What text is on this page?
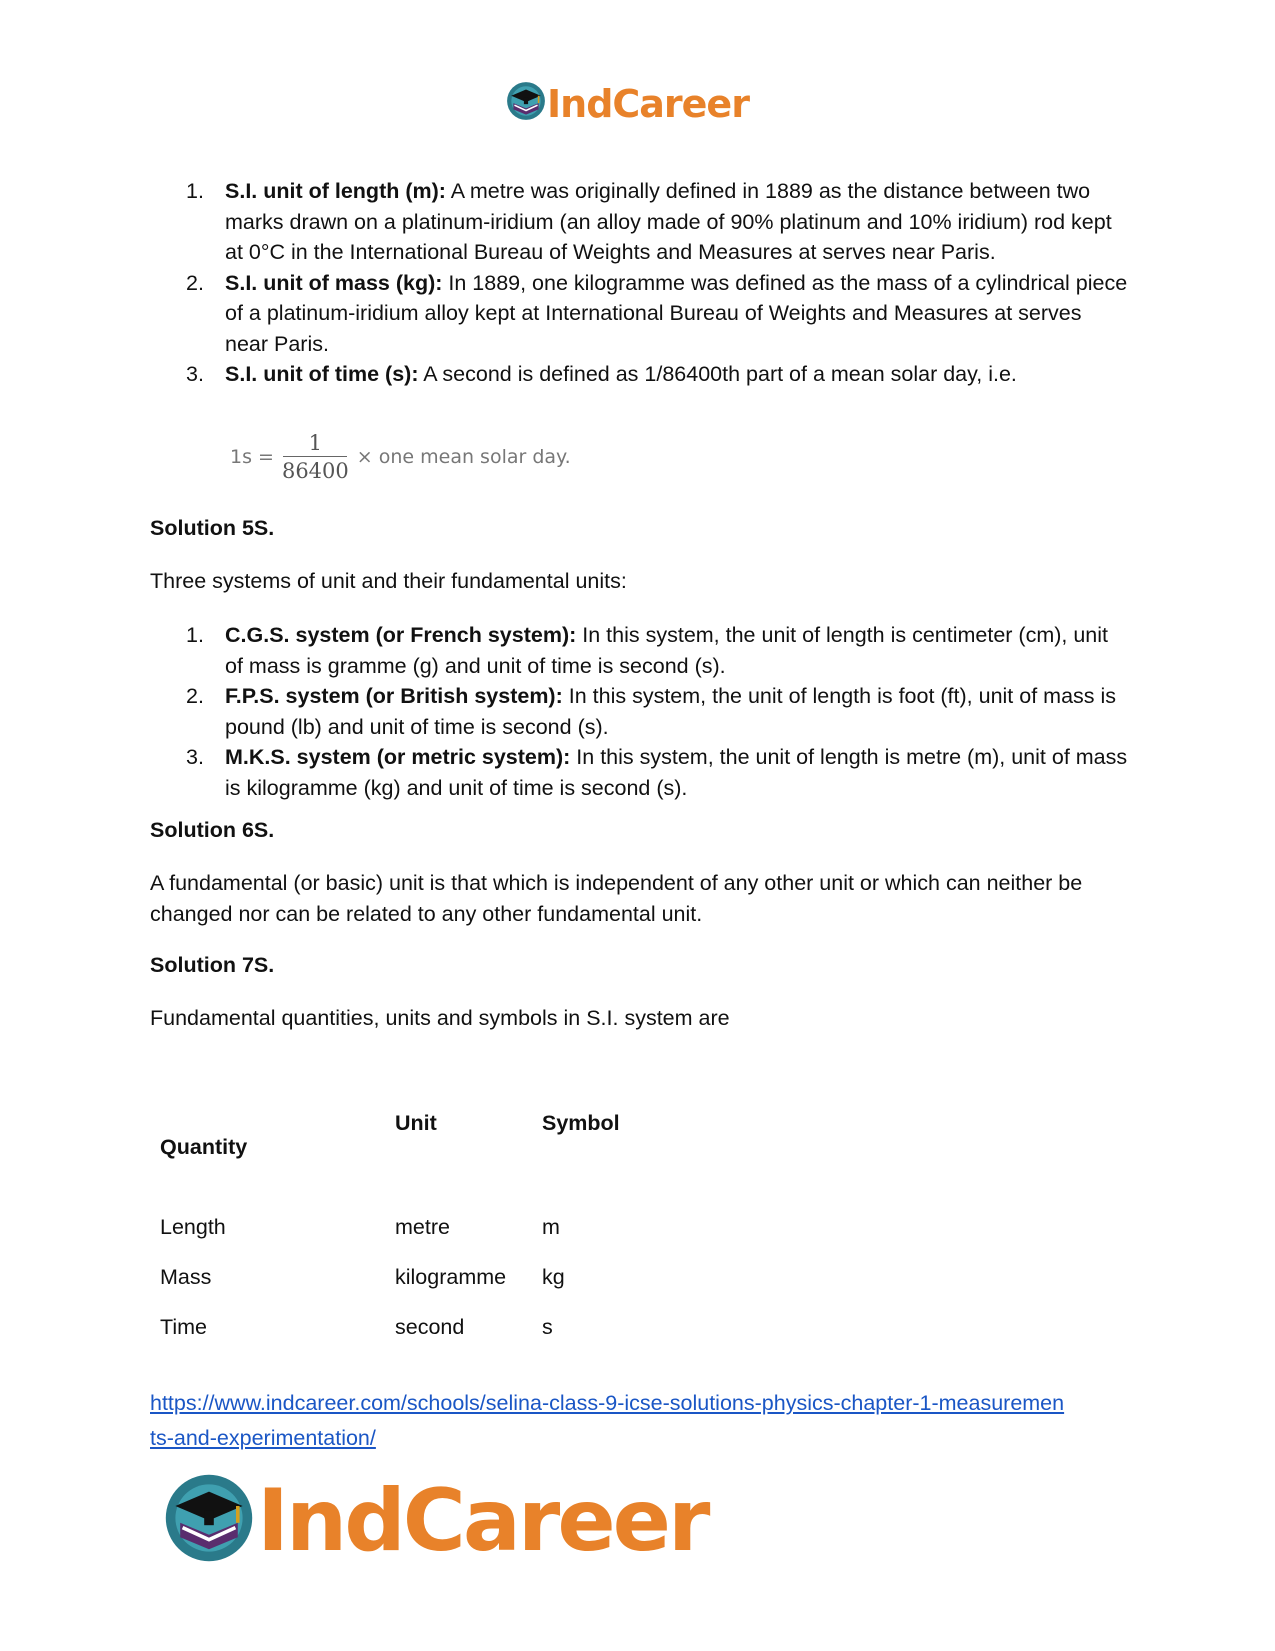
IndCareer
1. S.I. unit of length (m): A metre was originally defined in 1889 as the distance between two marks drawn on a platinum-iridium (an alloy made of 90% platinum and 10% iridium) rod kept at 0°C in the International Bureau of Weights and Measures at serves near Paris.
2. S.I. unit of mass (kg): In 1889, one kilogramme was defined as the mass of a cylindrical piece of a platinum-iridium alloy kept at International Bureau of Weights and Measures at serves near Paris.
3. S.I. unit of time (s): A second is defined as 1/86400th part of a mean solar day, i.e.
$1s = \frac{1}{86400}$ × one mean solar day.
Solution 5S.
Three systems of unit and their fundamental units:
1. C.G.S. system (or French system): In this system, the unit of length is centimeter (cm), unit of mass is gramme (g) and unit of time is second (s).
2. F.P.S. system (or British system): In this system, the unit of length is foot (ft), unit of mass is pound (lb) and unit of time is second (s).
3. M.K.S. system (or metric system): In this system, the unit of length is metre (m), unit of mass is kilogramme (kg) and unit of time is second (s).
Solution 6S.
A fundamental (or basic) unit is that which is independent of any other unit or which can neither be changed nor can be related to any other fundamental unit.
Solution 7S.
Fundamental quantities, units and symbols in S.I. system are
Quantity	Unit	Symbol
Length	metre	m
Mass	kilogramme	kg
Time	second	s
https://www.indcareer.com/schools/selina-class-9-icse-solutions-physics-chapter-1-measuremen
ts-and-experimentation/
IndCareer
